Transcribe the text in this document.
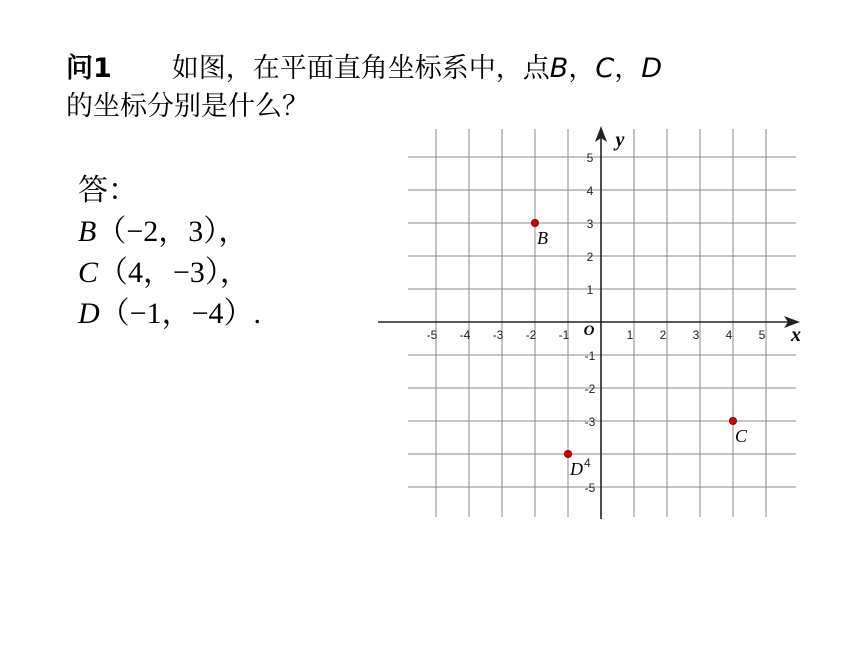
问1 如图，在平面直角坐标系中，点B，C，D
的坐标分别是什么？
答：
B（−2，3），
C（4，−3），
D（−1，−4）.
x
y
O
-5 -4 -3 -2 -1	1 2 3 4 5
5
4
3
2
1
-1
-2
-3
-5
B
C
D 4
